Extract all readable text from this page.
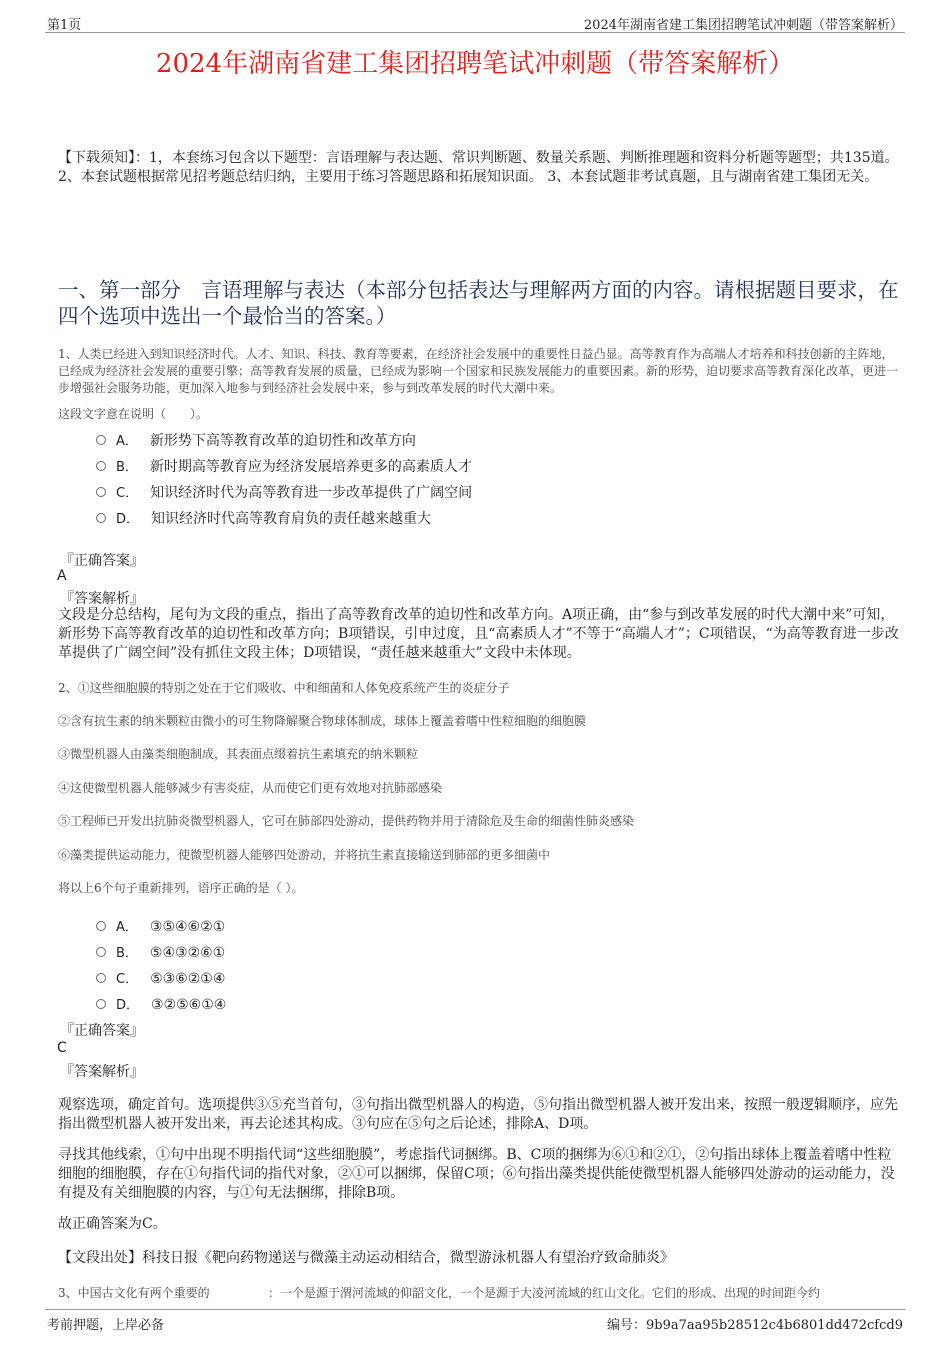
第1页	2024年湖南省建工集团招聘笔试冲刺题（带答案解析）
2024年湖南省建工集团招聘笔试冲刺题（带答案解析）
【下载须知】：1，本套练习包含以下题型：言语理解与表达题、常识判断题、数量关系题、判断推理题和资料分析题等题型；共135道。 2、本套试题根据常见招考题总结归纳，主要用于练习答题思路和拓展知识面。 3、本套试题非考试真题，且与湖南省建工集团无关。
一、第一部分　言语理解与表达（本部分包括表达与理解两方面的内容。请根据题目要求，在四个选项中选出一个最恰当的答案。）
1、人类已经进入到知识经济时代。人才、知识、科技、教育等要素，在经济社会发展中的重要性日益凸显。高等教育作为高端人才培养和科技创新的主阵地，已经成为经济社会发展的重要引擎；高等教育发展的质量，已经成为影响一个国家和民族发展能力的重要因素。新的形势，迫切要求高等教育深化改革，更进一步增强社会服务功能，更加深入地参与到经济社会发展中来，参与到改革发展的时代大潮中来。
这段文字意在说明（　　）。
A． 新形势下高等教育改革的迫切性和改革方向
B． 新时期高等教育应为经济发展培养更多的高素质人才
C． 知识经济时代为高等教育进一步改革提供了广阔空间
D． 知识经济时代高等教育肩负的责任越来越重大
『正确答案』
A
『答案解析』
文段是分总结构，尾句为文段的重点，指出了高等教育改革的迫切性和改革方向。A项正确，由“参与到改革发展的时代大潮中来”可知，新形势下高等教育改革的迫切性和改革方向；B项错误，引申过度，且“高素质人才”不等于“高端人才”；C项错误，“为高等教育进一步改革提供了广阔空间”没有抓住文段主体；D项错误，“责任越来越重大”文段中未体现。
2、①这些细胞膜的特别之处在于它们吸收、中和细菌和人体免疫系统产生的炎症分子
②含有抗生素的纳米颗粒由微小的可生物降解聚合物球体制成，球体上覆盖着嗜中性粒细胞的细胞膜
③微型机器人由藻类细胞制成，其表面点缀着抗生素填充的纳米颗粒
④这使微型机器人能够减少有害炎症，从而使它们更有效地对抗肺部感染
⑤工程师已开发出抗肺炎微型机器人，它可在肺部四处游动，提供药物并用于清除危及生命的细菌性肺炎感染
⑥藻类提供运动能力，使微型机器人能够四处游动，并将抗生素直接输送到肺部的更多细菌中
将以上6个句子重新排列，语序正确的是（ ）。
A． ③⑤④⑥②①
B． ⑤④③②⑥①
C． ⑤③⑥②①④
D． ③②⑤⑥①④
『正确答案』
C
『答案解析』
观察选项，确定首句。选项提供③⑤充当首句，③句指出微型机器人的构造，⑤句指出微型机器人被开发出来，按照一般逻辑顺序，应先指出微型机器人被开发出来，再去论述其构成。③句应在⑤句之后论述，排除A、D项。
寻找其他线索，①句中出现不明指代词“这些细胞膜”，考虑指代词捆绑。B、C项的捆绑为⑥①和②①，②句指出球体上覆盖着嗜中性粒细胞的细胞膜，存在①句指代词的指代对象，②①可以捆绑，保留C项；⑥句指出藻类提供能使微型机器人能够四处游动的运动能力，没有提及有关细胞膜的内容，与①句无法捆绑，排除B项。
故正确答案为C。
【文段出处】科技日报《靶向药物递送与微藻主动运动相结合，微型游泳机器人有望治疗致命肺炎》
3、中国古文化有两个重要的	：一个是源于渭河流域的仰韶文化，一个是源于大凌河流域的红山文化。它们的形成、出现的时间距今约
考前押题，上岸必备	编号：9b9a7aa95b28512c4b6801dd472cfcd9
